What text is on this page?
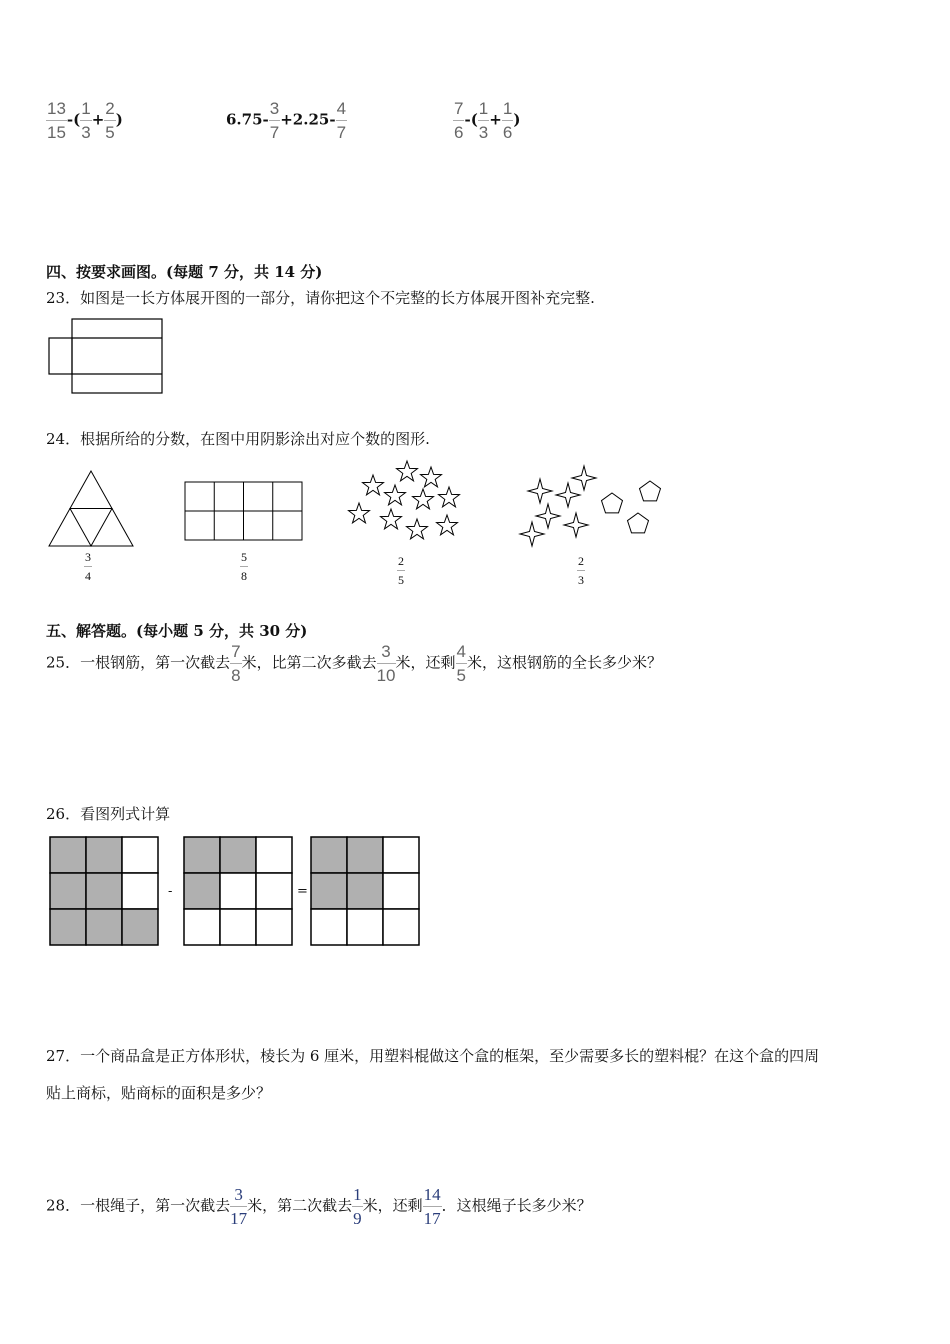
$\frac{13}{15}$ -( $\frac{1}{3} + \frac{2}{5}$ )	$6.75- \frac{3}{7} +2.25- \frac{4}{7}$	$\frac{7}{6}$ -( $\frac{1}{3} + \frac{1}{6}$ )
四、按要求画图。(每题 7 分，共 14 分)
23．如图是一长方体展开图的一部分，请你把这个不完整的长方体展开图补充完整.
24．根据所给的分数，在图中用阴影涂出对应个数的图形.
$\frac{3}{4}$	$\frac{5}{8}$	$\frac{2}{5}$	$\frac{2}{3}$
五、解答题。(每小题 5 分，共 30 分)
25．一根钢筋，第一次截去 $\frac{7}{8}$ 米，比第二次多截去 $\frac{3}{10}$ 米，还剩 $\frac{4}{5}$ 米，这根钢筋的全长多少米？
26．看图列式计算
-	=
27．一个商品盒是正方体形状，棱长为 6 厘米，用塑料棍做这个盒的框架，至少需要多长的塑料棍？在这个盒的四周
贴上商标，贴商标的面积是多少？
28．一根绳子，第一次截去 $\frac{3}{17}$ 米，第二次截去 $\frac{1}{9}$ 米，还剩 $\frac{14}{17}$ ．这根绳子长多少米？
